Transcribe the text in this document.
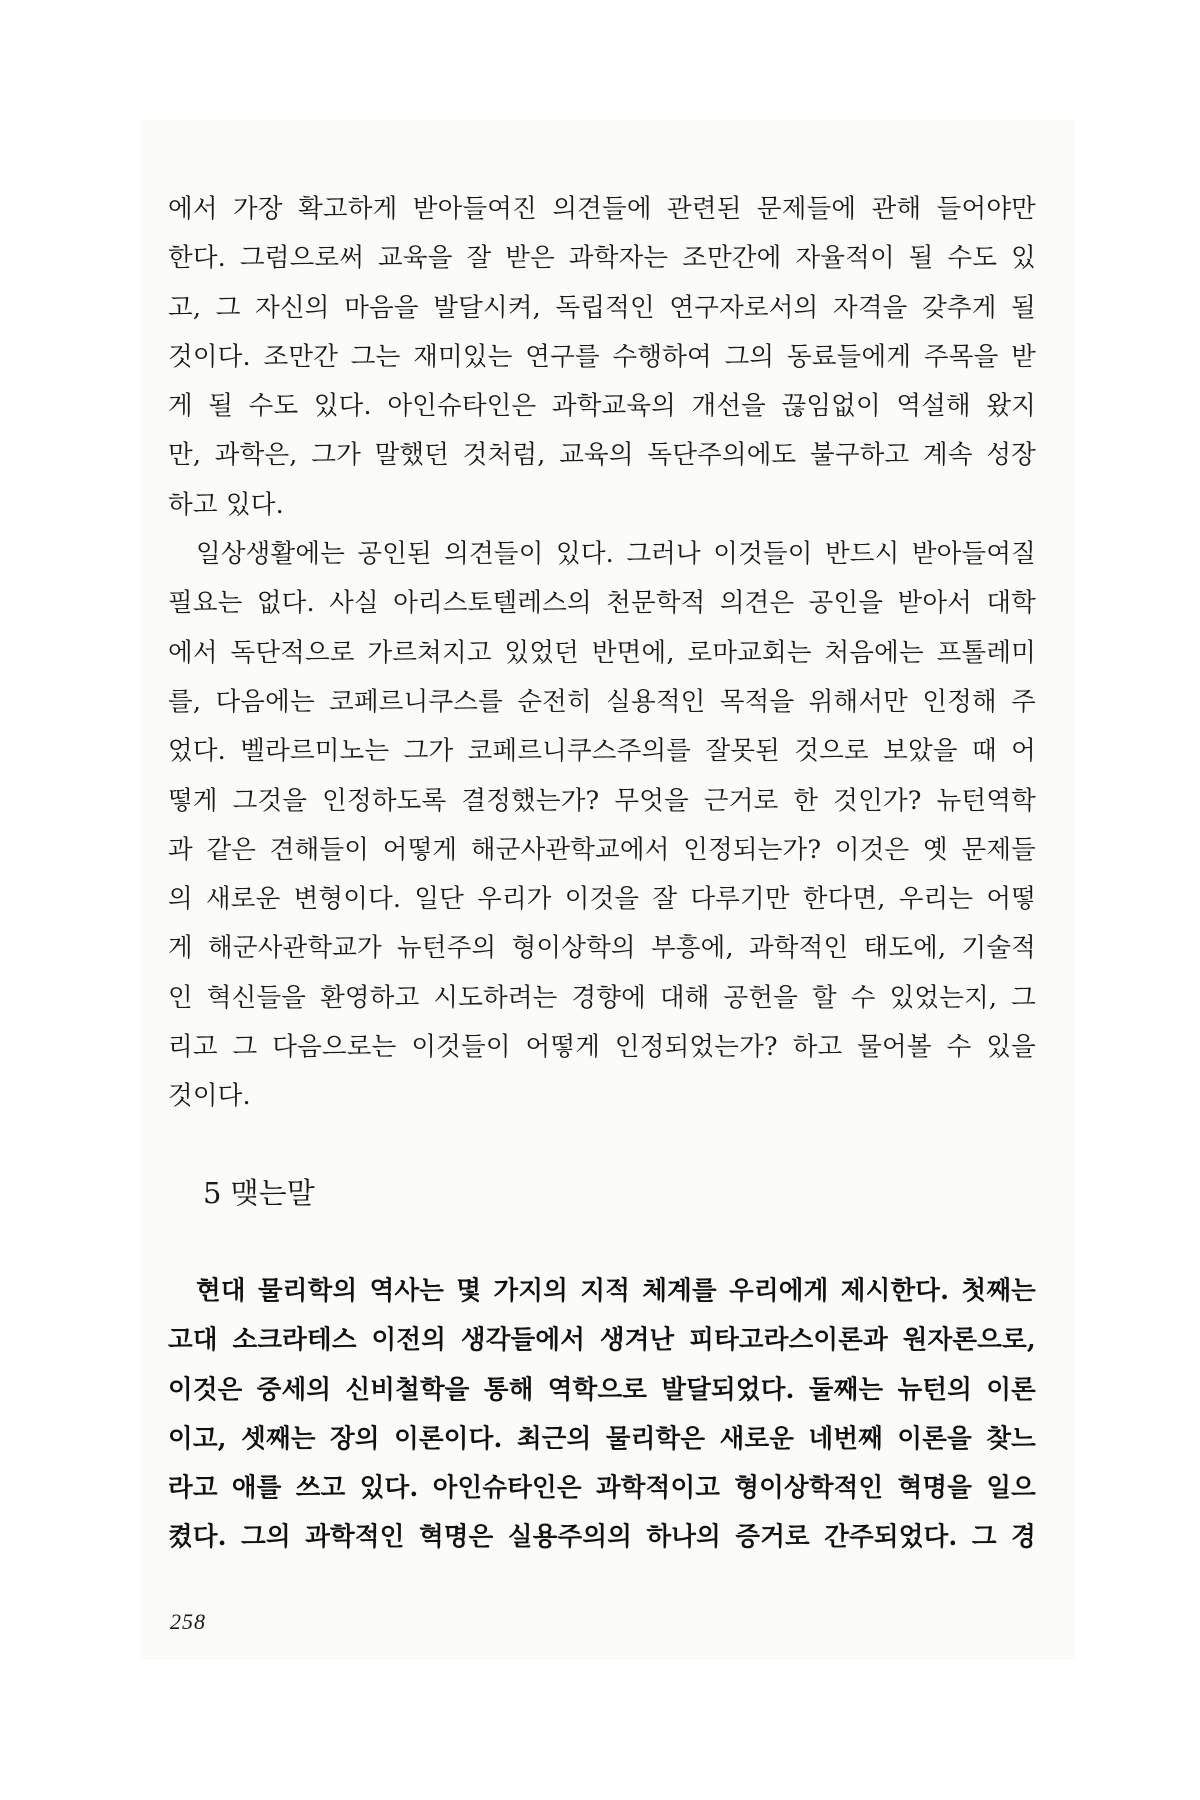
에서 가장 확고하게 받아들여진 의견들에 관련된 문제들에 관해 들어야만
한다. 그럼으로써 교육을 잘 받은 과학자는 조만간에 자율적이 될 수도 있
고, 그 자신의 마음을 발달시켜, 독립적인 연구자로서의 자격을 갖추게 될
것이다. 조만간 그는 재미있는 연구를 수행하여 그의 동료들에게 주목을 받
게 될 수도 있다. 아인슈타인은 과학교육의 개선을 끊임없이 역설해 왔지
만, 과학은, 그가 말했던 것처럼, 교육의 독단주의에도 불구하고 계속 성장
하고 있다.
일상생활에는 공인된 의견들이 있다. 그러나 이것들이 반드시 받아들여질
필요는 없다. 사실 아리스토텔레스의 천문학적 의견은 공인을 받아서 대학
에서 독단적으로 가르쳐지고 있었던 반면에, 로마교회는 처음에는 프톨레미
를, 다음에는 코페르니쿠스를 순전히 실용적인 목적을 위해서만 인정해 주
었다. 벨라르미노는 그가 코페르니쿠스주의를 잘못된 것으로 보았을 때 어
떻게 그것을 인정하도록 결정했는가? 무엇을 근거로 한 것인가? 뉴턴역학
과 같은 견해들이 어떻게 해군사관학교에서 인정되는가? 이것은 옛 문제들
의 새로운 변형이다. 일단 우리가 이것을 잘 다루기만 한다면, 우리는 어떻
게 해군사관학교가 뉴턴주의 형이상학의 부흥에, 과학적인 태도에, 기술적
인 혁신들을 환영하고 시도하려는 경향에 대해 공헌을 할 수 있었는지, 그
리고 그 다음으로는 이것들이 어떻게 인정되었는가? 하고 물어볼 수 있을
것이다.
5 맺는말
현대 물리학의 역사는 몇 가지의 지적 체계를 우리에게 제시한다. 첫째는
고대 소크라테스 이전의 생각들에서 생겨난 피타고라스이론과 원자론으로,
이것은 중세의 신비철학을 통해 역학으로 발달되었다. 둘째는 뉴턴의 이론
이고, 셋째는 장의 이론이다. 최근의 물리학은 새로운 네번째 이론을 찾느
라고 애를 쓰고 있다. 아인슈타인은 과학적이고 형이상학적인 혁명을 일으
켰다. 그의 과학적인 혁명은 실용주의의 하나의 증거로 간주되었다. 그 경
258
